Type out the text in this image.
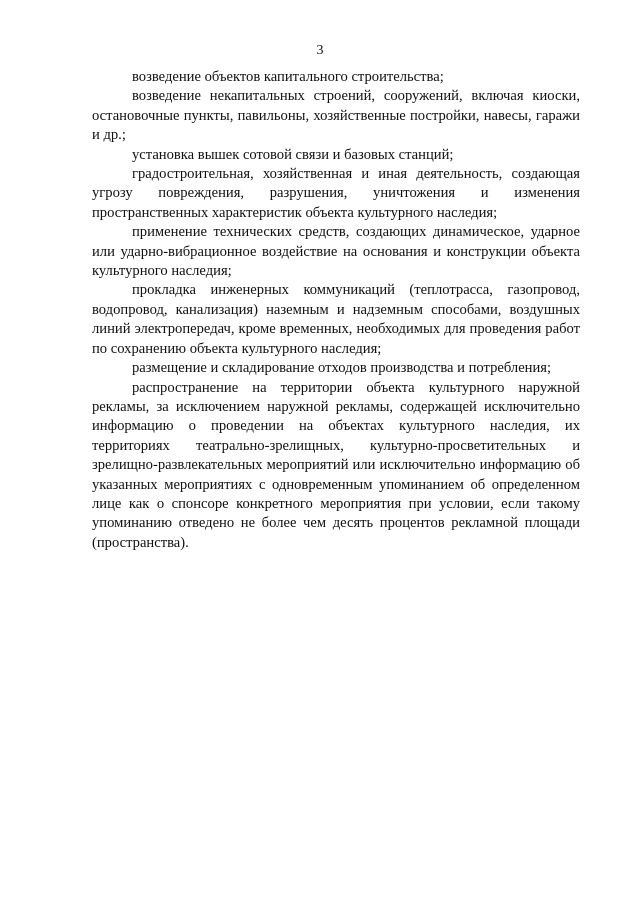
3

возведение объектов капитального строительства;

возведение некапитальных строений, сооружений, включая киоски, остановочные пункты, павильоны, хозяйственные постройки, навесы, гаражи и др.;

установка вышек сотовой связи и базовых станций;

градостроительная, хозяйственная и иная деятельность, создающая угрозу повреждения, разрушения, уничтожения и изменения пространственных характеристик объекта культурного наследия;

применение технических средств, создающих динамическое, ударное или ударно-вибрационное воздействие на основания и конструкции объекта культурного наследия;

прокладка инженерных коммуникаций (теплотрасса, газопровод, водопровод, канализация) наземным и надземным способами, воздушных линий электропередач, кроме временных, необходимых для проведения работ по сохранению объекта культурного наследия;

размещение и складирование отходов производства и потребления;

распространение на территории объекта культурного наружной рекламы, за исключением наружной рекламы, содержащей исключительно информацию о проведении на объектах культурного наследия, их территориях театрально-зрелищных, культурно-просветительных и зрелищно-развлекательных мероприятий или исключительно информацию об указанных мероприятиях с одновременным упоминанием об определенном лице как о спонсоре конкретного мероприятия при условии, если такому упоминанию отведено не более чем десять процентов рекламной площади (пространства).
